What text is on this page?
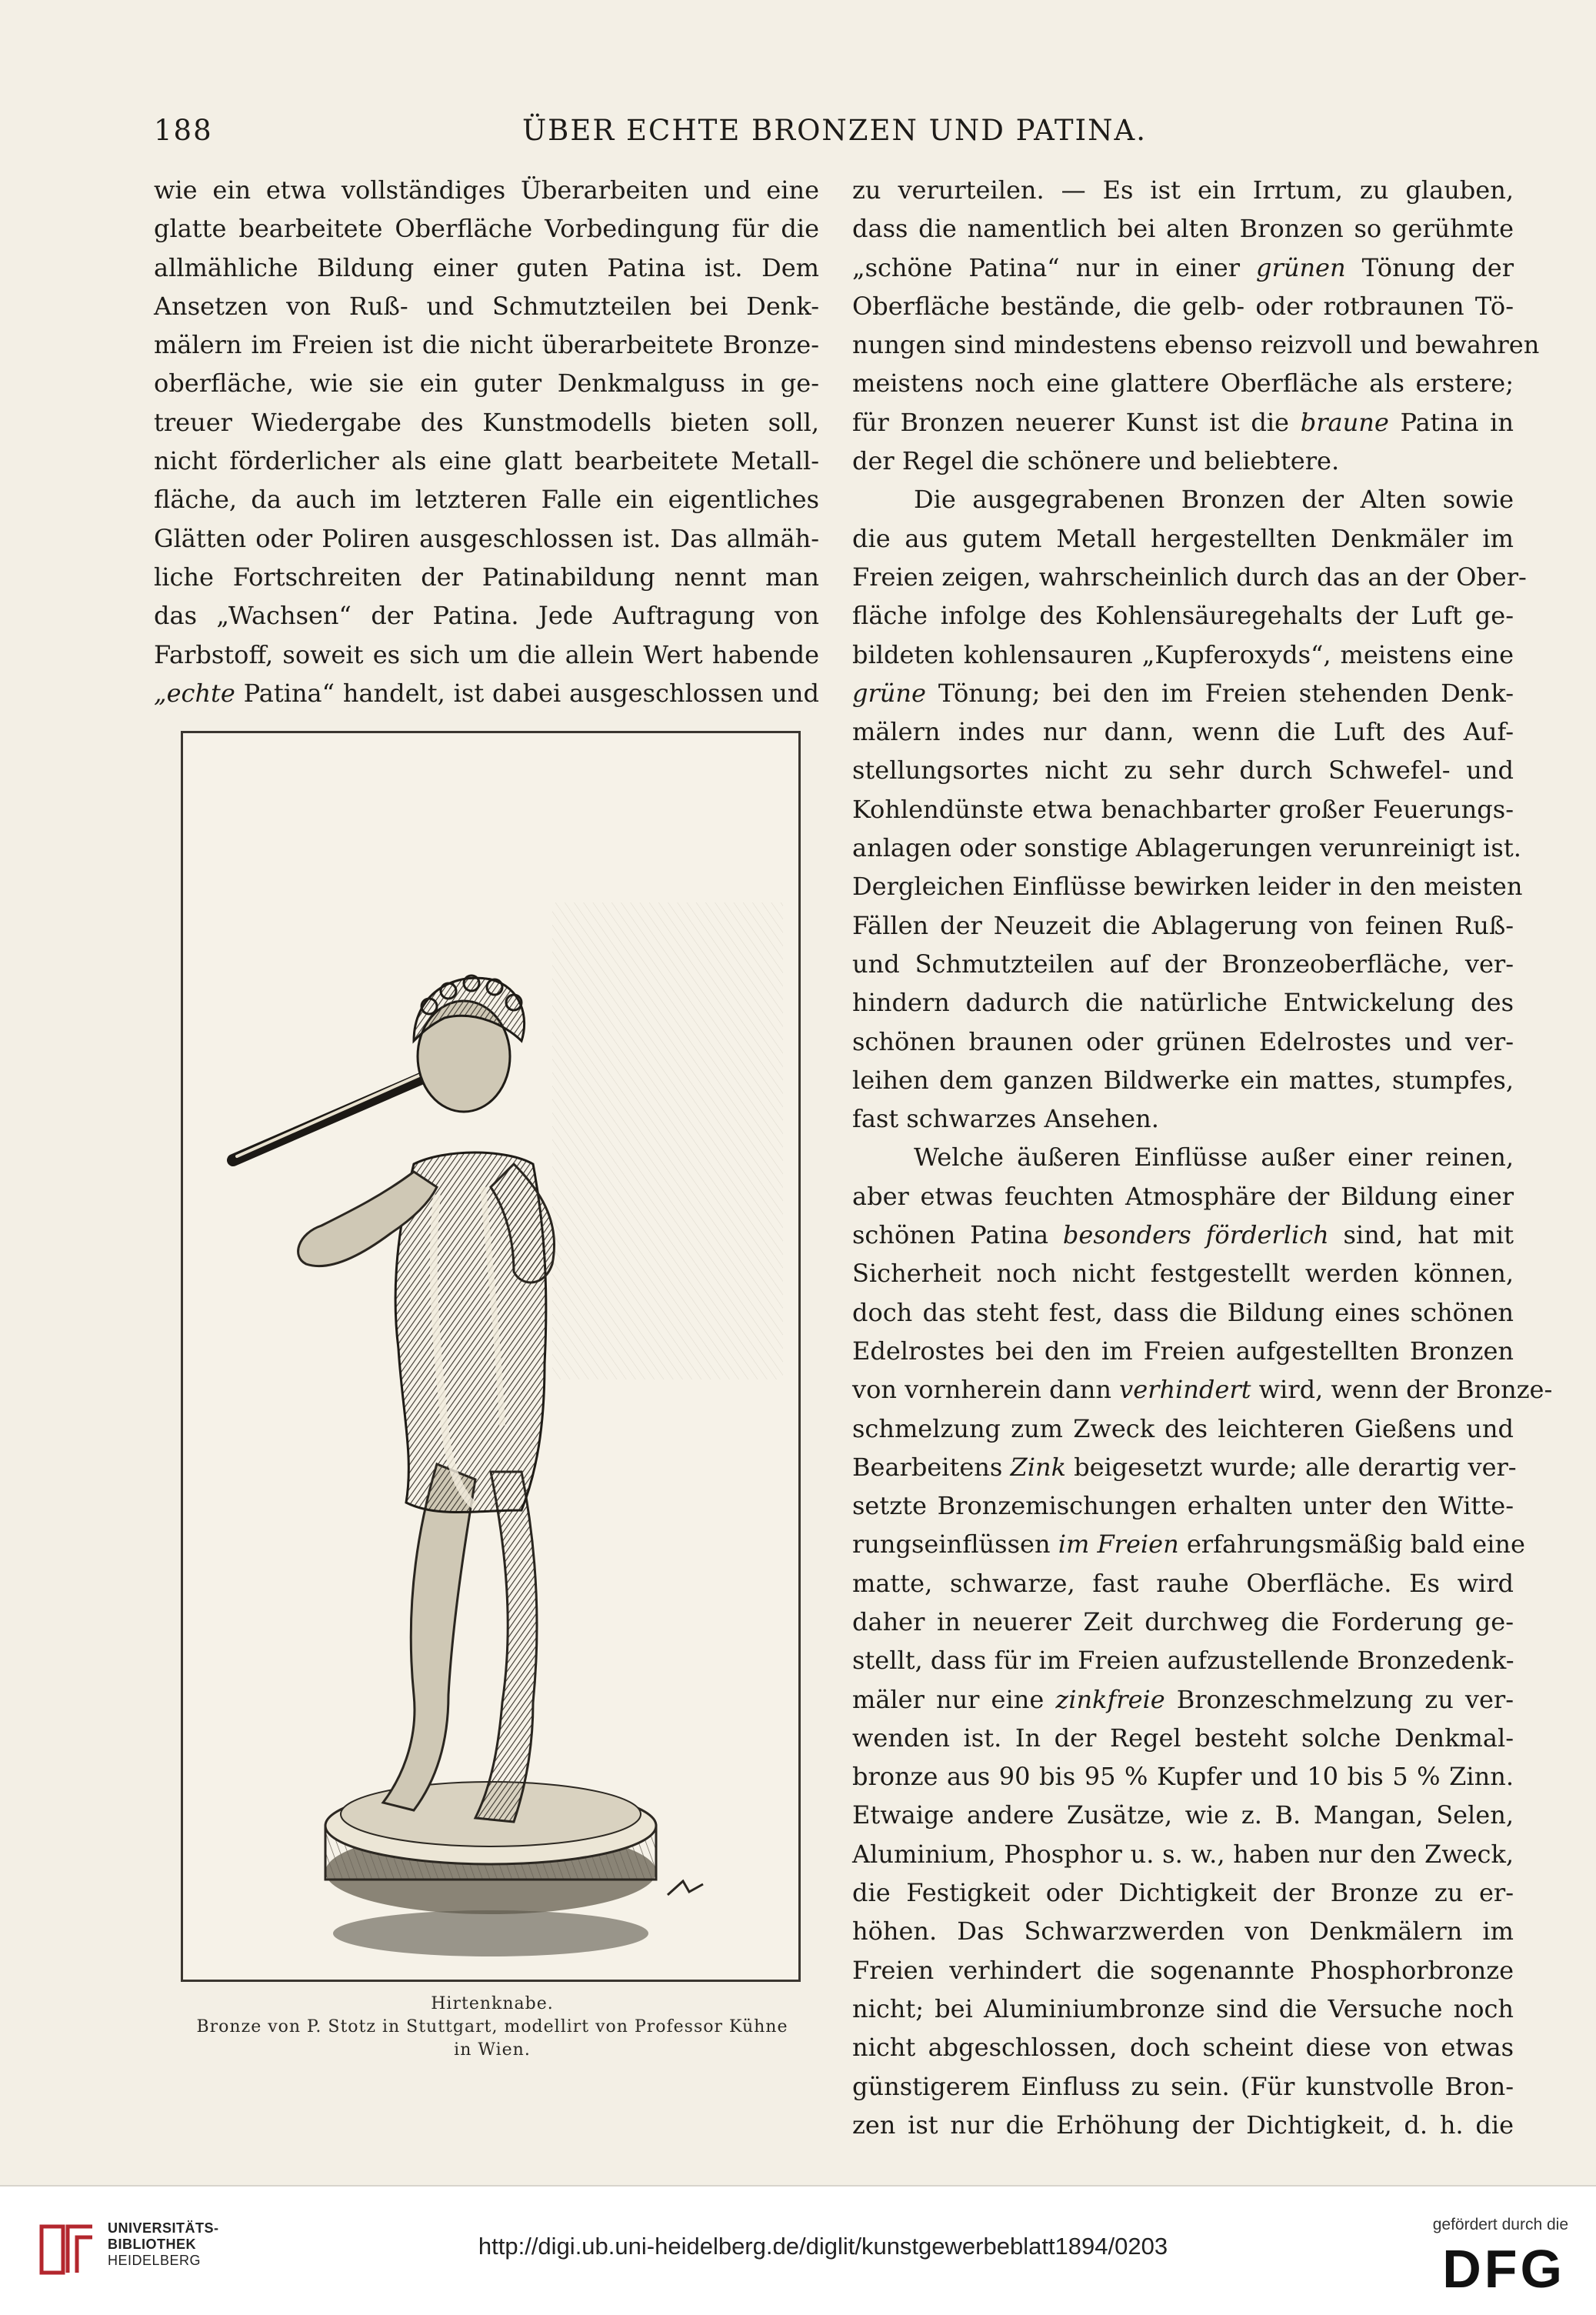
188	ÜBER ECHTE BRONZEN UND PATINA.
wie ein etwa vollständiges Überarbeiten und eine
glatte bearbeitete Oberfläche Vorbedingung für die
allmähliche Bildung einer guten Patina ist. Dem
Ansetzen von Ruß- und Schmutzteilen bei Denk-
mälern im Freien ist die nicht überarbeitete Bronze-
oberfläche, wie sie ein guter Denkmalguss in ge-
treuer Wiedergabe des Kunstmodells bieten soll,
nicht förderlicher als eine glatt bearbeitete Metall-
fläche, da auch im letzteren Falle ein eigentliches
Glätten oder Poliren ausgeschlossen ist. Das allmäh-
liche Fortschreiten der Patinabildung nennt man
das „Wachsen“ der Patina. Jede Auftragung von
Farbstoff, soweit es sich um die allein Wert habende
„echte Patina“ handelt, ist dabei ausgeschlossen und
zu verurteilen. — Es ist ein Irrtum, zu glauben,
dass die namentlich bei alten Bronzen so gerühmte
„schöne Patina“ nur in einer grünen Tönung der
Oberfläche bestände, die gelb- oder rotbraunen Tö-
nungen sind mindestens ebenso reizvoll und bewahren
meistens noch eine glattere Oberfläche als erstere;
für Bronzen neuerer Kunst ist die braune Patina in
der Regel die schönere und beliebtere.
Die ausgegrabenen Bronzen der Alten sowie
die aus gutem Metall hergestellten Denkmäler im
Freien zeigen, wahrscheinlich durch das an der Ober-
fläche infolge des Kohlensäuregehalts der Luft ge-
bildeten kohlensauren „Kupferoxyds“, meistens eine
grüne Tönung; bei den im Freien stehenden Denk-
mälern indes nur dann, wenn die Luft des Auf-
stellungsortes nicht zu sehr durch Schwefel- und
Kohlendünste etwa benachbarter großer Feuerungs-
anlagen oder sonstige Ablagerungen verunreinigt ist.
Dergleichen Einflüsse bewirken leider in den meisten
Fällen der Neuzeit die Ablagerung von feinen Ruß-
und Schmutzteilen auf der Bronzeoberfläche, ver-
hindern dadurch die natürliche Entwickelung des
schönen braunen oder grünen Edelrostes und ver-
leihen dem ganzen Bildwerke ein mattes, stumpfes,
fast schwarzes Ansehen.
Welche äußeren Einflüsse außer einer reinen,
aber etwas feuchten Atmosphäre der Bildung einer
schönen Patina besonders förderlich sind, hat mit
Sicherheit noch nicht festgestellt werden können,
doch das steht fest, dass die Bildung eines schönen
Edelrostes bei den im Freien aufgestellten Bronzen
von vornherein dann verhindert wird, wenn der Bronze-
schmelzung zum Zweck des leichteren Gießens und
Bearbeitens Zink beigesetzt wurde; alle derartig ver-
setzte Bronzemischungen erhalten unter den Witte-
rungseinflüssen im Freien erfahrungsmäßig bald eine
matte, schwarze, fast rauhe Oberfläche. Es wird
daher in neuerer Zeit durchweg die Forderung ge-
stellt, dass für im Freien aufzustellende Bronzedenk-
mäler nur eine zinkfreie Bronzeschmelzung zu ver-
wenden ist. In der Regel besteht solche Denkmal-
bronze aus 90 bis 95 % Kupfer und 10 bis 5 % Zinn.
Etwaige andere Zusätze, wie z. B. Mangan, Selen,
Aluminium, Phosphor u. s. w., haben nur den Zweck,
die Festigkeit oder Dichtigkeit der Bronze zu er-
höhen. Das Schwarzwerden von Denkmälern im
Freien verhindert die sogenannte Phosphorbronze
nicht; bei Aluminiumbronze sind die Versuche noch
nicht abgeschlossen, doch scheint diese von etwas
günstigerem Einfluss zu sein. (Für kunstvolle Bron-
zen ist nur die Erhöhung der Dichtigkeit, d. h. die
Hirtenknabe.
Bronze von P. Stotz in Stuttgart, modellirt von Professor Kühne
in Wien.
UNIVERSITÄTS-
BIBLIOTHEK
HEIDELBERG
http://digi.ub.uni-heidelberg.de/diglit/kunstgewerbeblatt1894/0203
gefördert durch die
DFG
